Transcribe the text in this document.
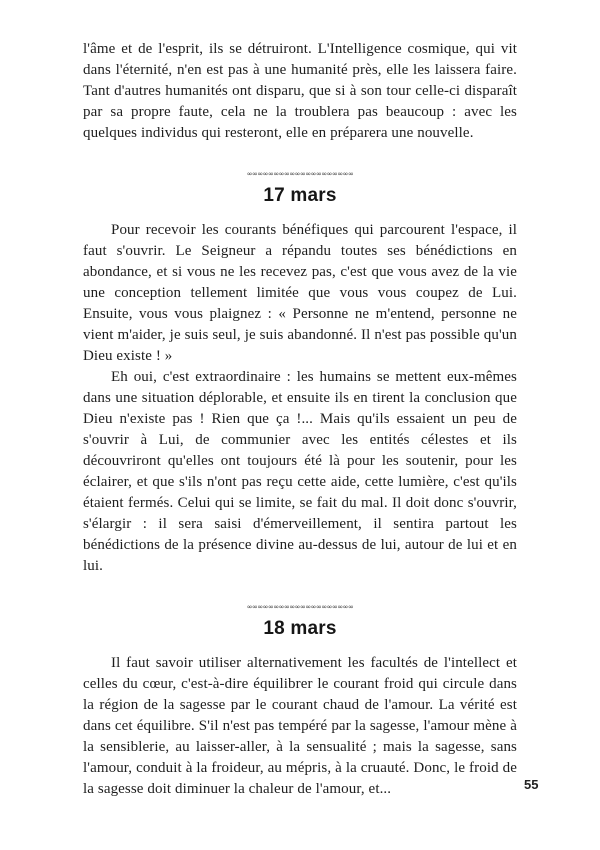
l'âme et de l'esprit, ils se détruiront. L'Intelligence cosmique, qui vit dans l'éternité, n'en est pas à une humanité près, elle les laissera faire. Tant d'autres humanités ont disparu, que si à son tour celle-ci disparaît par sa propre faute, cela ne la troublera pas beaucoup : avec les quelques individus qui resteront, elle en préparera une nouvelle.

∞∞∞∞∞∞∞∞∞∞∞∞∞∞∞∞∞∞∞∞
17 mars

Pour recevoir les courants bénéfiques qui parcourent l'espace, il faut s'ouvrir. Le Seigneur a répandu toutes ses bénédictions en abondance, et si vous ne les recevez pas, c'est que vous avez de la vie une conception tellement limitée que vous vous coupez de Lui. Ensuite, vous vous plaignez : « Personne ne m'entend, personne ne vient m'aider, je suis seul, je suis abandonné. Il n'est pas possible qu'un Dieu existe ! »

Eh oui, c'est extraordinaire : les humains se mettent eux-mêmes dans une situation déplorable, et ensuite ils en tirent la conclusion que Dieu n'existe pas ! Rien que ça !... Mais qu'ils essaient un peu de s'ouvrir à Lui, de communier avec les entités célestes et ils découvriront qu'elles ont toujours été là pour les soutenir, pour les éclairer, et que s'ils n'ont pas reçu cette aide, cette lumière, c'est qu'ils étaient fermés. Celui qui se limite, se fait du mal. Il doit donc s'ouvrir, s'élargir : il sera saisi d'émerveillement, il sentira partout les bénédictions de la présence divine au-dessus de lui, autour de lui et en lui.

∞∞∞∞∞∞∞∞∞∞∞∞∞∞∞∞∞∞∞∞
18 mars

Il faut savoir utiliser alternativement les facultés de l'intellect et celles du cœur, c'est-à-dire équilibrer le courant froid qui circule dans la région de la sagesse par le courant chaud de l'amour. La vérité est dans cet équilibre. S'il n'est pas tempéré par la sagesse, l'amour mène à la sensiblerie, au laisser-aller, à la sensualité ; mais la sagesse, sans l'amour, conduit à la froideur, au mépris, à la cruauté. Donc, le froid de la sagesse doit diminuer la chaleur de l'amour, et...	55
